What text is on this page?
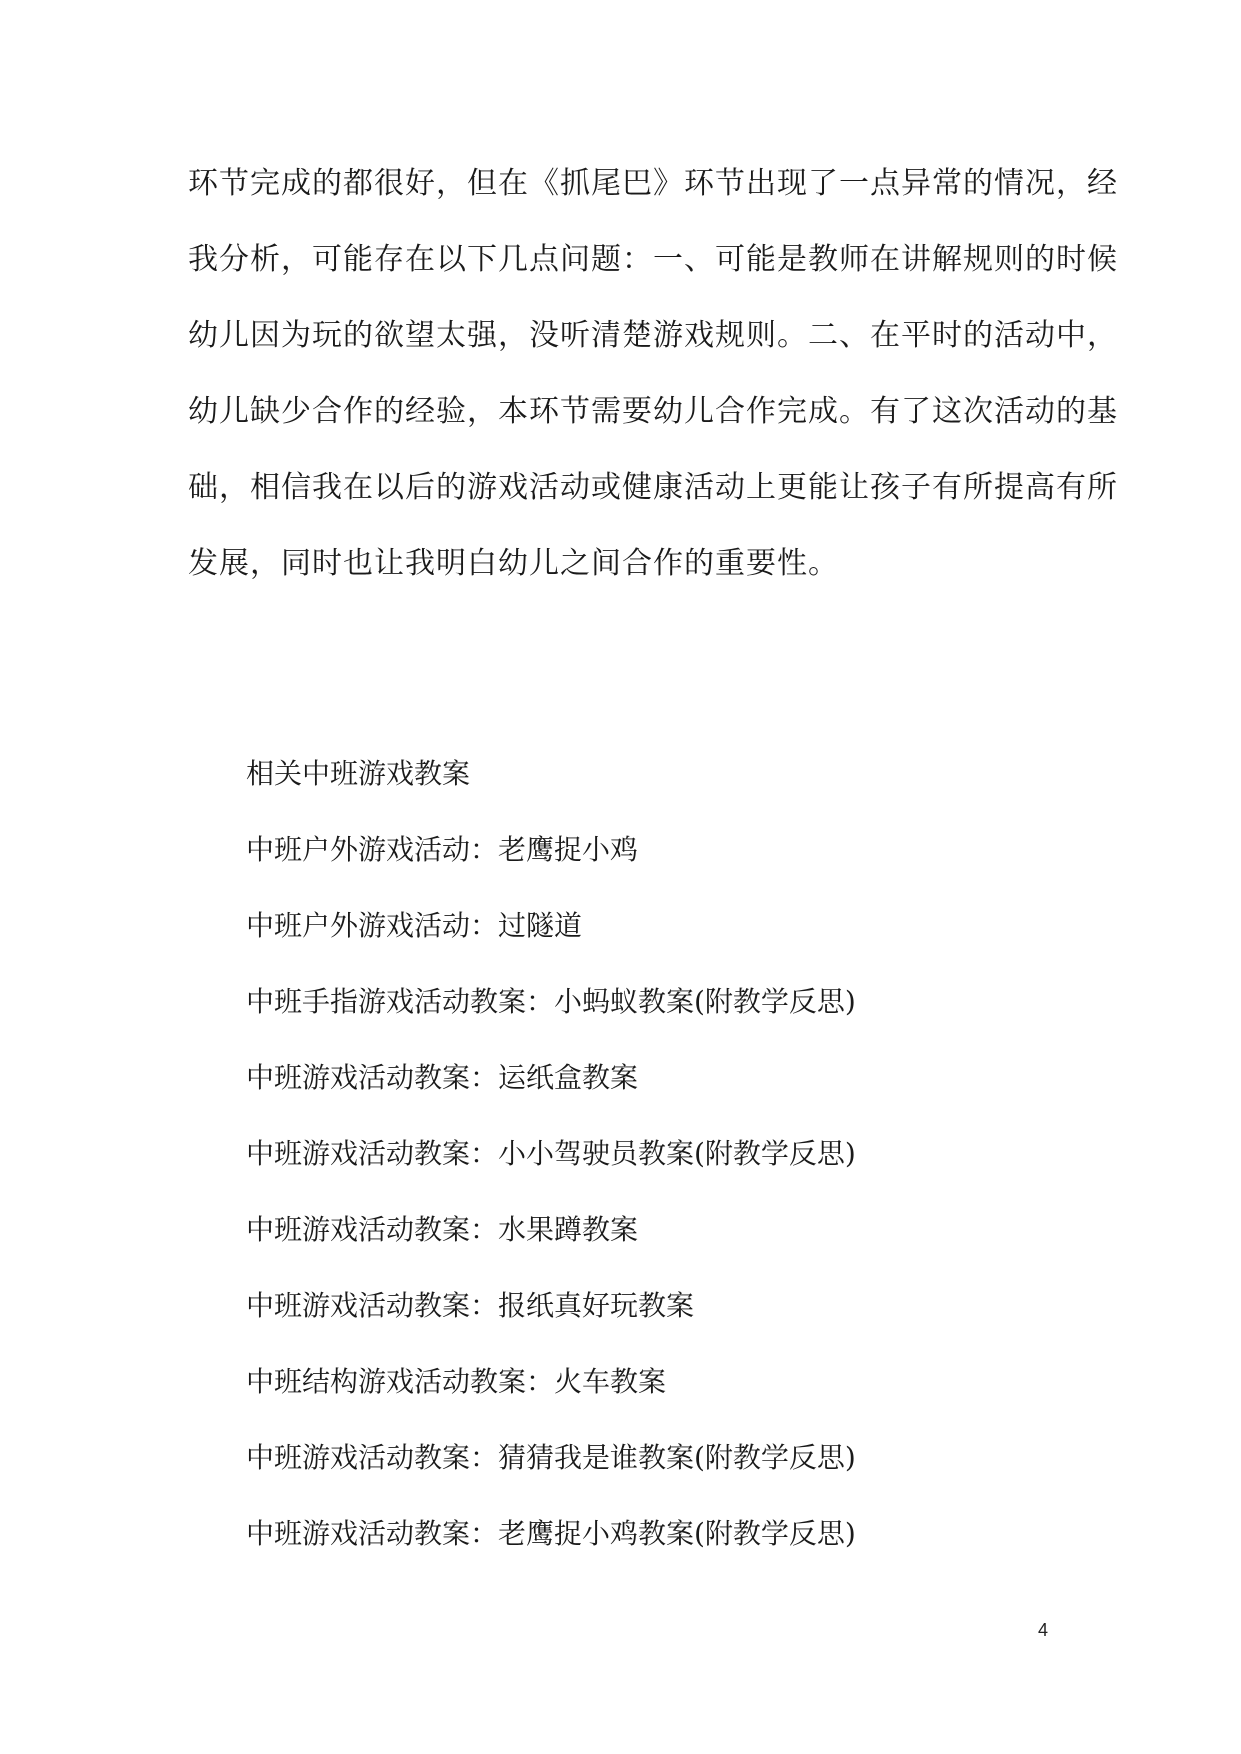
环节完成的都很好，但在《抓尾巴》环节出现了一点异常的情况，经
我分析，可能存在以下几点问题：一、可能是教师在讲解规则的时候
幼儿因为玩的欲望太强，没听清楚游戏规则。二、在平时的活动中，
幼儿缺少合作的经验，本环节需要幼儿合作完成。有了这次活动的基
础，相信我在以后的游戏活动或健康活动上更能让孩子有所提高有所
发展，同时也让我明白幼儿之间合作的重要性。
相关中班游戏教案
中班户外游戏活动：老鹰捉小鸡
中班户外游戏活动：过隧道
中班手指游戏活动教案：小蚂蚁教案(附教学反思)
中班游戏活动教案：运纸盒教案
中班游戏活动教案：小小驾驶员教案(附教学反思)
中班游戏活动教案：水果蹲教案
中班游戏活动教案：报纸真好玩教案
中班结构游戏活动教案：火车教案
中班游戏活动教案：猜猜我是谁教案(附教学反思)
中班游戏活动教案：老鹰捉小鸡教案(附教学反思)
4
